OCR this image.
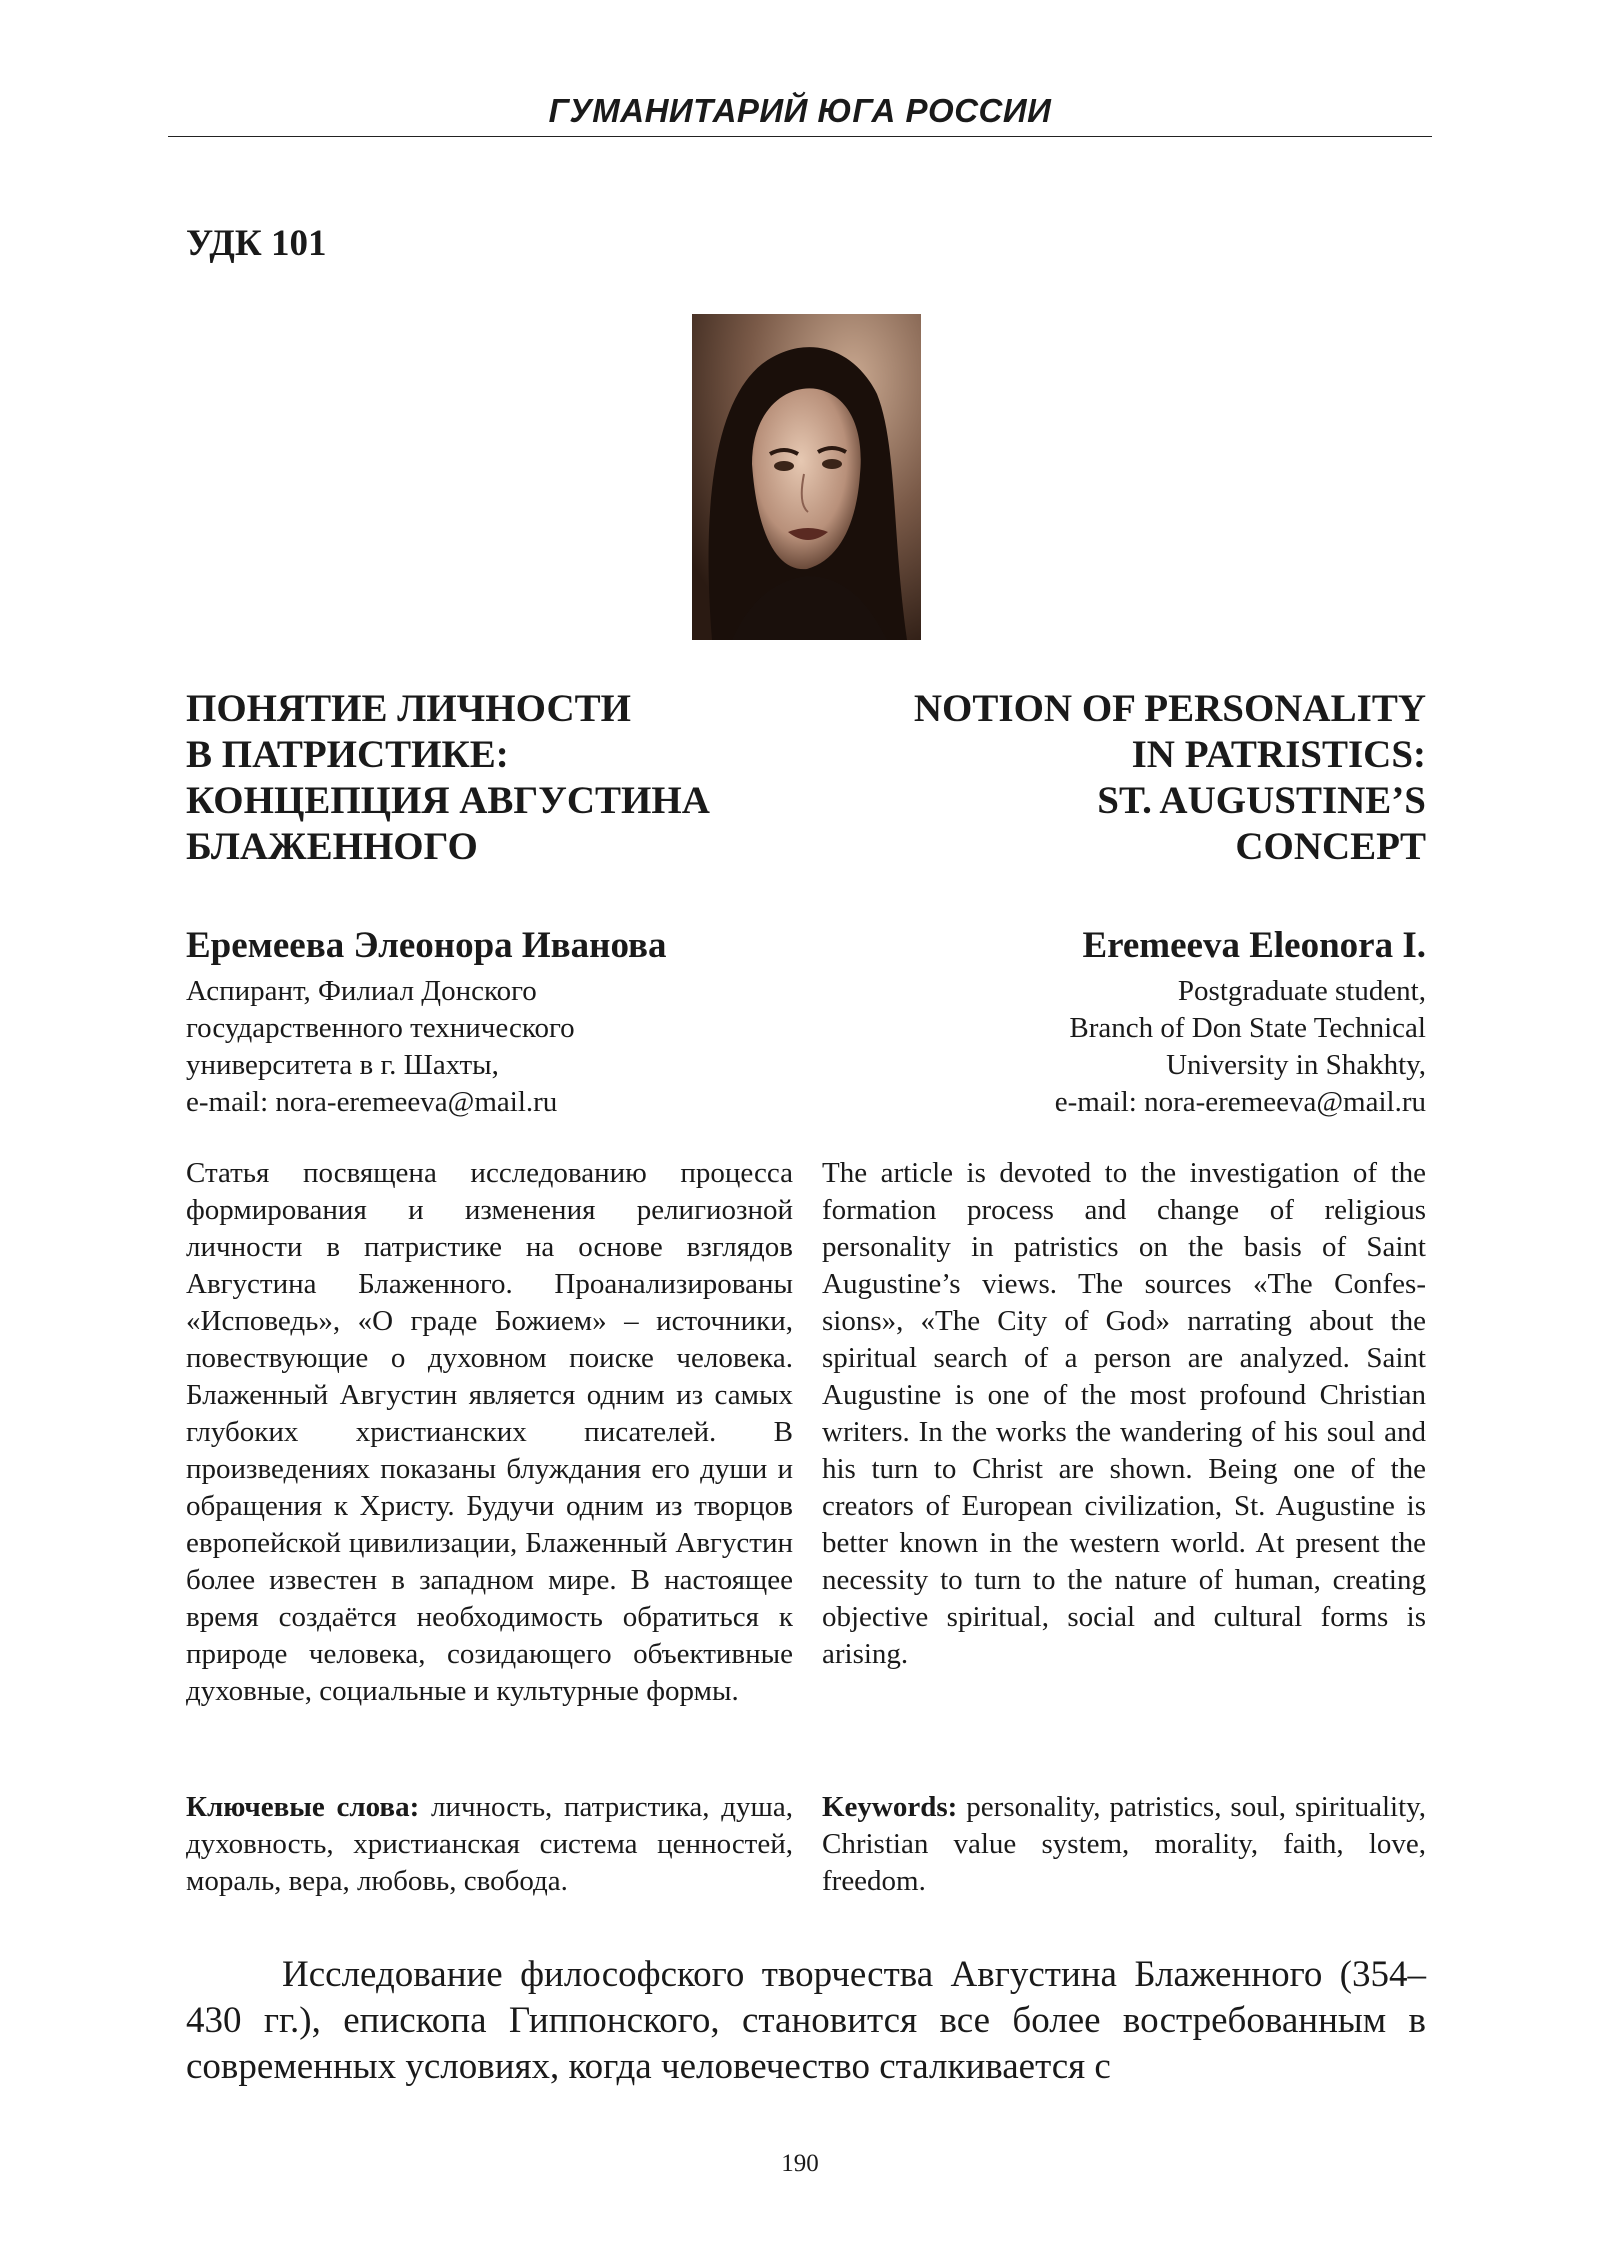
ГУМАНИТАРИЙ ЮГА РОССИИ
УДК 101
ПОНЯТИЕ ЛИЧНОСТИ
В ПАТРИСТИКЕ:
КОНЦЕПЦИЯ АВГУСТИНА
БЛАЖЕННОГО
NOTION OF PERSONALITY
IN PATRISTICS:
ST. AUGUSTINE’S
CONCEPT
Еремеева Элеонора Иванова
Аспирант, Филиал Донского
государственного технического
университета в г. Шахты,
e-mail: nora-eremeeva@mail.ru
Eremeeva Eleonora I.
Postgraduate student,
Branch of Don State Technical
University in Shakhty,
e-mail: nora-eremeeva@mail.ru
Статья посвящена исследованию процесса формирования и изменения религиозной личности в патристике на основе взглядов Августина Блаженного. Проанализированы «Исповедь», «О граде Божием» – источники, повествующие о духовном поиске человека. Блаженный Августин является одним из самых глубоких христианских писателей. В произведениях показаны блуждания его души и обращения к Христу. Будучи одним из творцов европейской цивилизации, Блаженный Августин более известен в западном мире. В настоящее время создаётся необходимость обратиться к природе человека, созидающего объективные духовные, социальные и культурные формы.
The article is devoted to the investigation of the formation process and change of religious personality in patristics on the basis of Saint Augustine’s views. The sources «The Confessions», «The City of God» narrating about the spiritual search of a person are analyzed. Saint Augustine is one of the most profound Christian writers. In the works the wandering of his soul and his turn to Christ are shown. Being one of the creators of European civilization, St. Augustine is better known in the western world. At present the necessity to turn to the nature of human, creating objective spiritual, social and cultural forms is arising.
Ключевые слова: личность, патристика, душа, духовность, христианская система ценностей, мораль, вера, любовь, свобода.
Keywords: personality, patristics, soul, spirituality, Christian value system, morality, faith, love, freedom.
Исследование философского творчества Августина Блаженного (354–430 гг.), епископа Гиппонского, становится все более востребованным в современных условиях, когда человечество сталкивается с
190
